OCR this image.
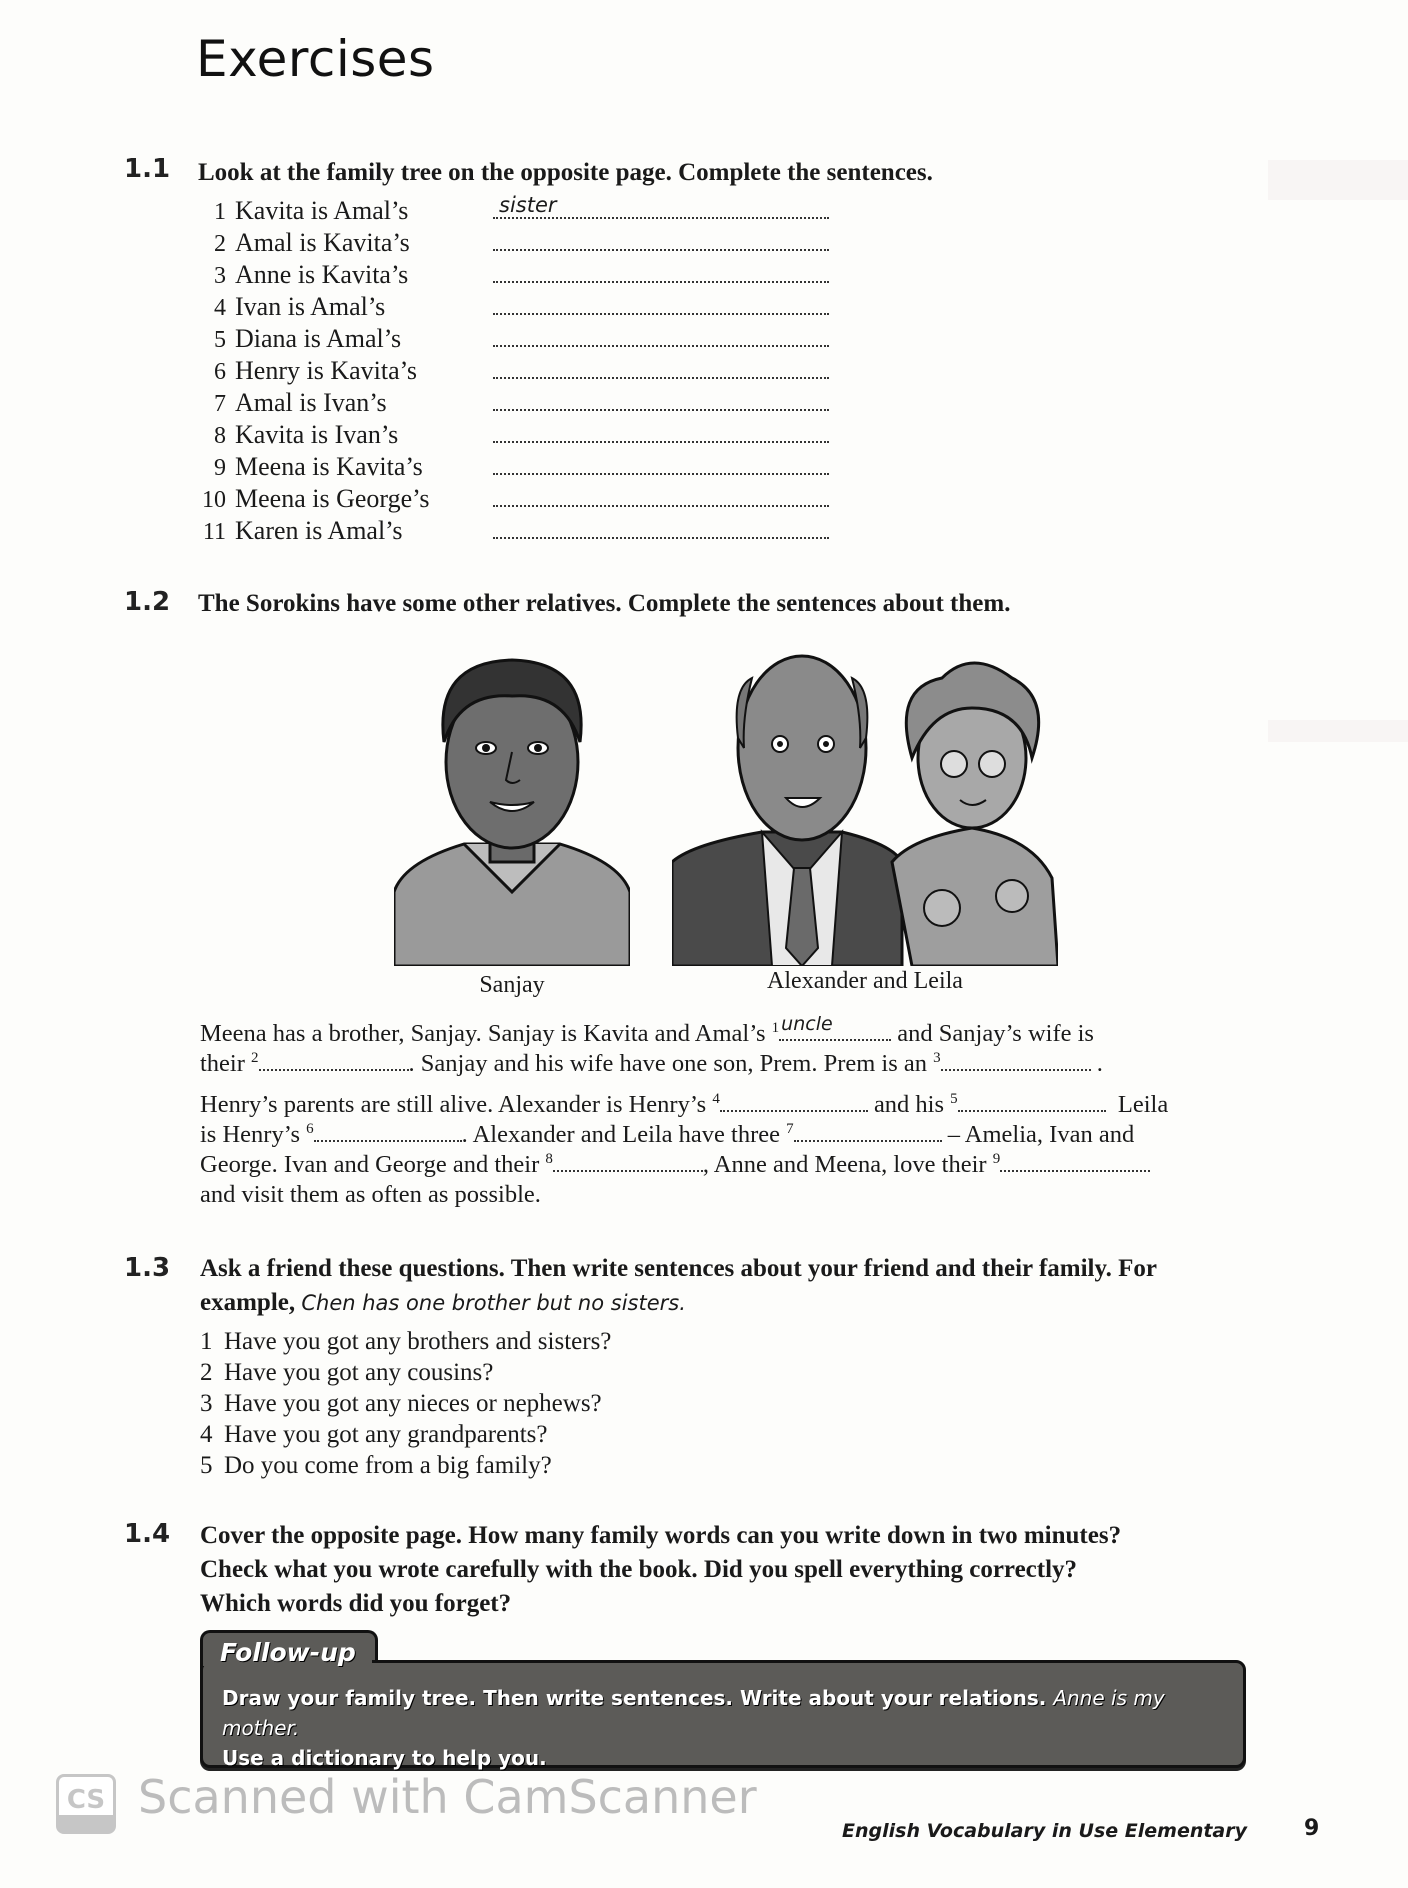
Exercises
1.1 Look at the family tree on the opposite page. Complete the sentences.
1 Kavita is Amal’s	sister
2 Amal is Kavita’s
3 Anne is Kavita’s
4 Ivan is Amal’s
5 Diana is Amal’s
6 Henry is Kavita’s
7 Amal is Ivan’s
8 Kavita is Ivan’s
9 Meena is Kavita’s
10 Meena is George’s
11 Karen is Amal’s
1.2 The Sorokins have some other relatives. Complete the sentences about them.
Sanjay	Alexander and Leila
Meena has a brother, Sanjay. Sanjay is Kavita and Amal’s $^1$ uncle	and Sanjay’s wife is
their $^2$	. Sanjay and his wife have one son, Prem. Prem is an $^3$	.
Henry’s parents are still alive. Alexander is Henry’s $^4$	and his $^5$	Leila
is Henry’s $^6$	. Alexander and Leila have three $^7$	– Amelia, Ivan and
George. Ivan and George and their $^8$	, Anne and Meena, love their $^9$
and visit them as often as possible.
1.3 Ask a friend these questions. Then write sentences about your friend and their family. For
example, Chen has one brother but no sisters.
1 Have you got any brothers and sisters?
2 Have you got any cousins?
3 Have you got any nieces or nephews?
4 Have you got any grandparents?
5 Do you come from a big family?
1.4 Cover the opposite page. How many family words can you write down in two minutes?
Check what you wrote carefully with the book. Did you spell everything correctly?
Which words did you forget?
Follow-up
Draw your family tree. Then write sentences. Write about your relations. Anne is my mother.
Use a dictionary to help you.
CS Scanned with CamScanner
English Vocabulary in Use Elementary	9
